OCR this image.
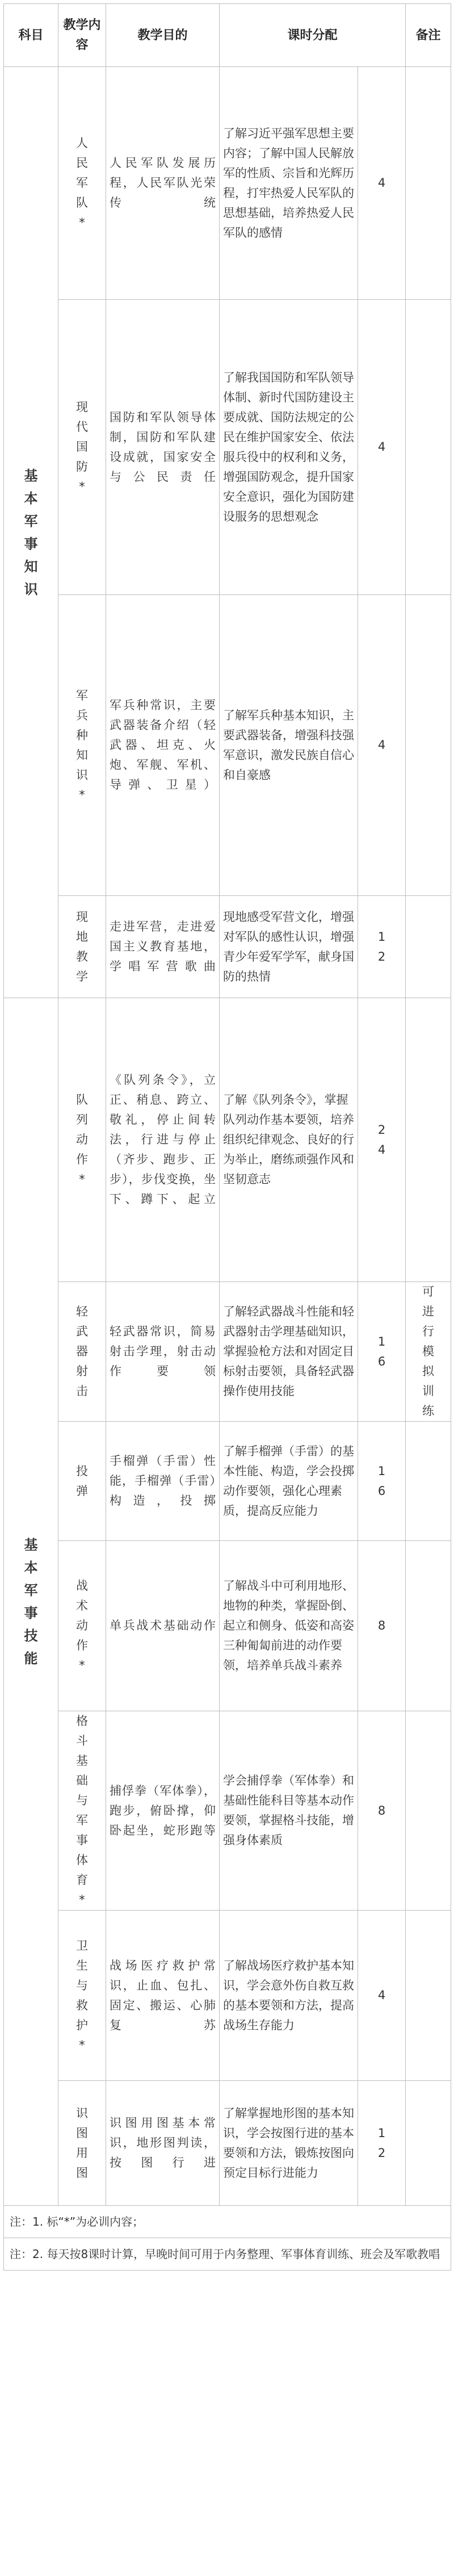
科目	教学内容	教学目的	课时分配		备注
基本军事知识	人民军队*	人民军队发展历程，人民军队光荣传统	了解习近平强军思想主要内容；了解中国人民解放军的性质、宗旨和光辉历程，打牢热爱人民军队的思想基础，培养热爱人民军队的感情	4	
	现代国防*	国防和军队领导体制，国防和军队建设成就，国家安全与公民责任	了解我国国防和军队领导体制、新时代国防建设主要成就、国防法规定的公民在维护国家安全、依法服兵役中的权利和义务，增强国防观念，提升国家安全意识，强化为国防建设服务的思想观念	4	
	军兵种知识*	军兵种常识，主要武器装备介绍（轻武器、坦克、火炮、军舰、军机、导弹、卫星）	了解军兵种基本知识，主要武器装备，增强科技强军意识，激发民族自信心和自豪感	4	
	现地教学	走进军营，走进爱国主义教育基地，学唱军营歌曲	现地感受军营文化，增强对军队的感性认识，增强青少年爱军学军，献身国防的热情	12	
基本军事技能	队列动作*	《队列条令》，立正、稍息、跨立、敬礼，停止间转法，行进与停止（齐步、跑步、正步），步伐变换，坐下、蹲下、起立	了解《队列条令》，掌握队列动作基本要领，培养组织纪律观念、良好的行为举止，磨练顽强作风和坚韧意志	24	
	轻武器射击	轻武器常识，简易射击学理，射击动作要领	了解轻武器战斗性能和轻武器射击学理基础知识，掌握验枪方法和对固定目标射击要领，具备轻武器操作使用技能	16	可进行模拟训练
	投弹	手榴弹（手雷）性能，手榴弹（手雷）构造，投掷	了解手榴弹（手雷）的基本性能、构造，学会投掷动作要领，强化心理素质，提高反应能力	16	
	战术动作*	单兵战术基础动作	了解战斗中可利用地形、地物的种类，掌握卧倒、起立和侧身、低姿和高姿三种匍匐前进的动作要领，培养单兵战斗素养	8	
	格斗基础与军事体育*	捕俘拳（军体拳），跑步，俯卧撑，仰卧起坐，蛇形跑等	学会捕俘拳（军体拳）和基础性能科目等基本动作要领，掌握格斗技能，增强身体素质	8	
	卫生与救护*	战场医疗救护常识，止血、包扎、固定、搬运、心肺复苏	了解战场医疗救护基本知识，学会意外伤自救互救的基本要领和方法，提高战场生存能力	4	
	识图用图	识图用图基本常识，地形图判读，按图行进	了解掌握地形图的基本知识，学会按图行进的基本要领和方法，锻炼按图向预定目标行进能力	12	
注：1. 标“*”为必训内容；					
注：2. 每天按8课时计算，早晚时间可用于内务整理、军事体育训练、班会及军歌教唱					
